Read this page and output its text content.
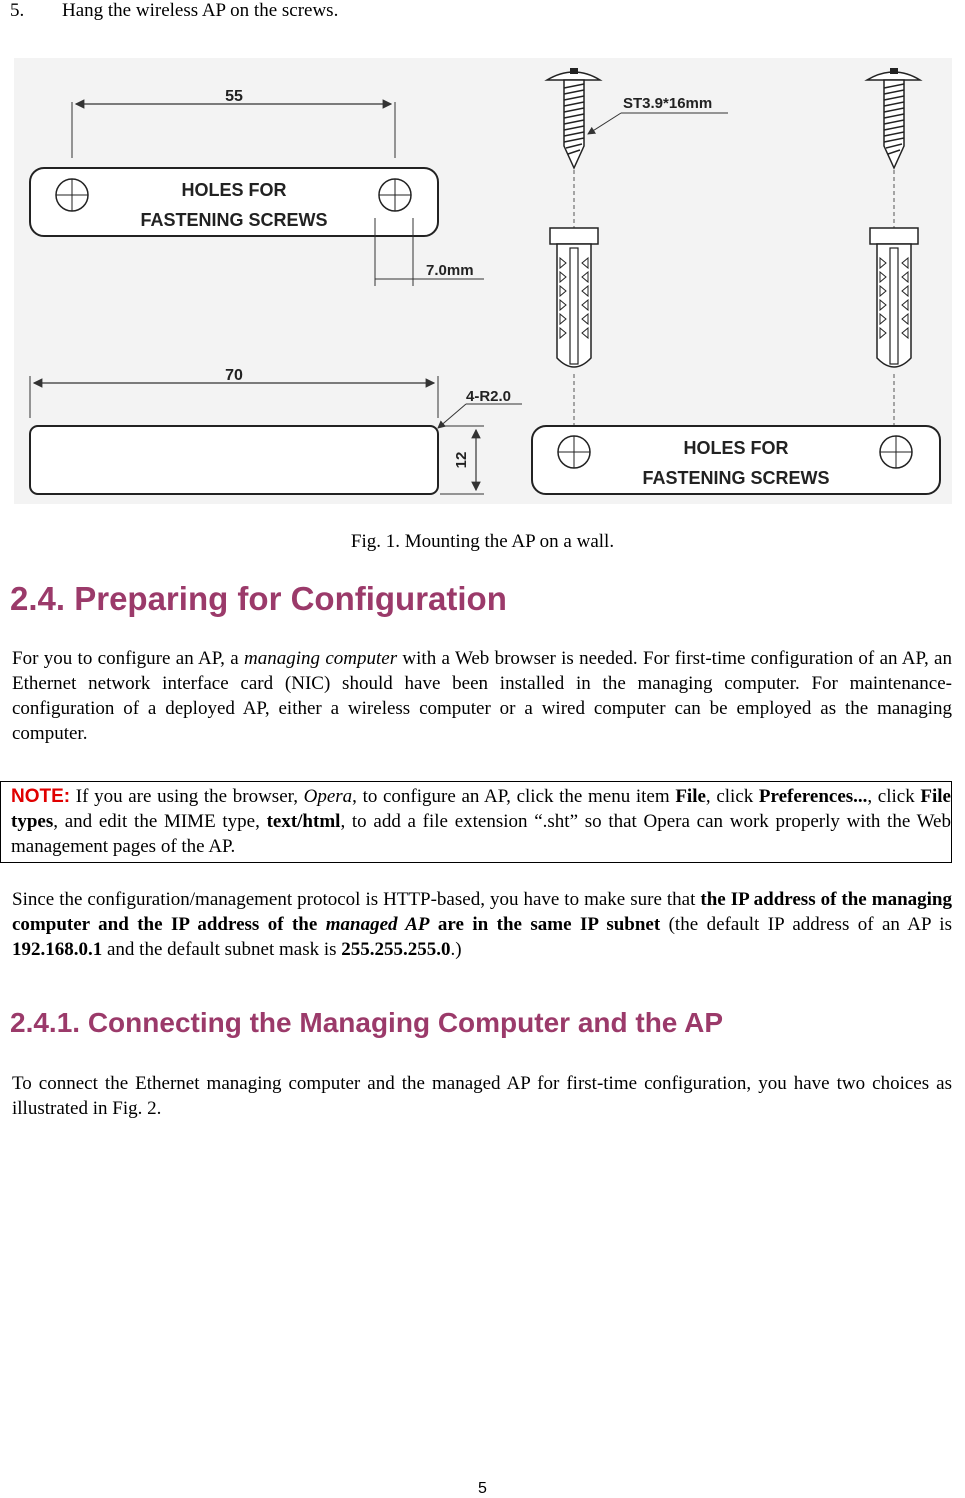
5. Hang the wireless AP on the screws.
55
HOLES FOR
FASTENING SCREWS
7.0mm
70
4-R2.0
12
ST3.9*16mm
HOLES FOR
FASTENING SCREWS
Fig. 1. Mounting the AP on a wall.
2.4. Preparing for Configuration

For you to configure an AP, a managing computer with a Web browser is needed. For first-time configuration of an AP, an Ethernet network interface card (NIC) should have been installed in the managing computer. For maintenance-configuration of a deployed AP, either a wireless computer or a wired computer can be employed as the managing computer.

NOTE: If you are using the browser, Opera, to configure an AP, click the menu item File, click Preferences..., click File types, and edit the MIME type, text/html, to add a file extension “.sht” so that Opera can work properly with the Web management pages of the AP.

Since the configuration/management protocol is HTTP-based, you have to make sure that the IP address of the managing computer and the IP address of the managed AP are in the same IP subnet (the default IP address of an AP is 192.168.0.1 and the default subnet mask is 255.255.255.0.)

2.4.1. Connecting the Managing Computer and the AP

To connect the Ethernet managing computer and the managed AP for first-time configuration, you have two choices as illustrated in Fig. 2.

5
